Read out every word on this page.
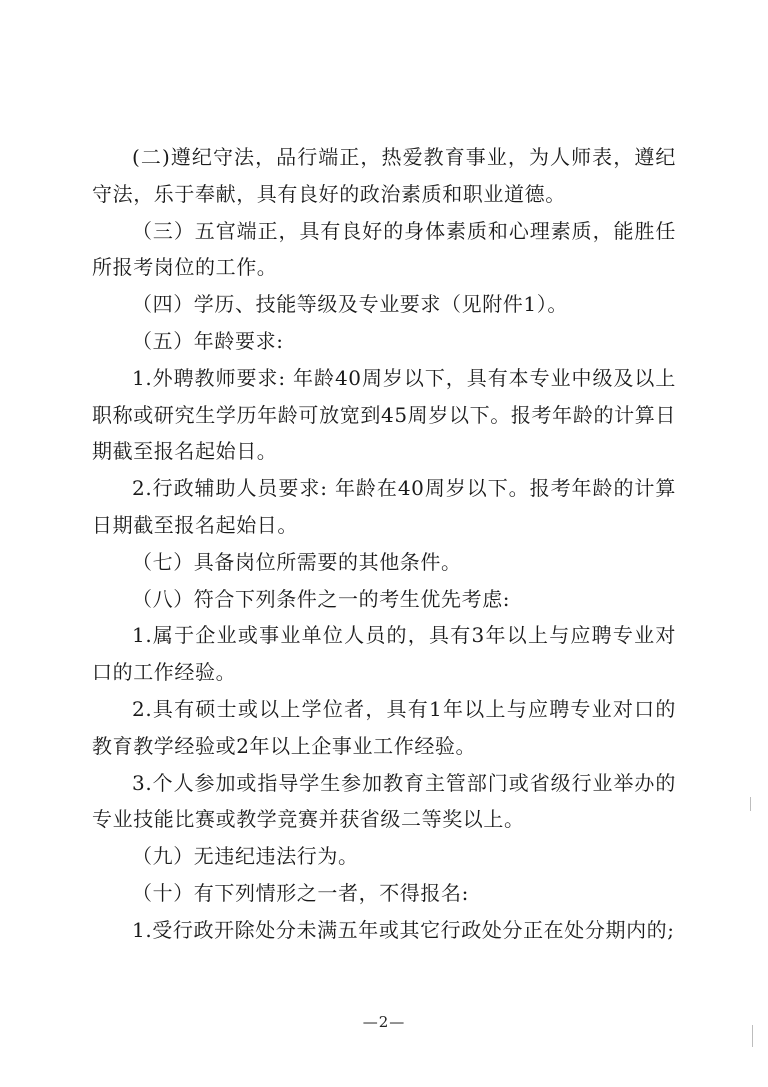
(二)遵纪守法，品行端正，热爱教育事业，为人师表，遵纪守法，乐于奉献，具有良好的政治素质和职业道德。

（三）五官端正，具有良好的身体素质和心理素质，能胜任所报考岗位的工作。

（四）学历、技能等级及专业要求（见附件1）。

（五）年龄要求:

1.外聘教师要求: 年龄40周岁以下，具有本专业中级及以上职称或研究生学历年龄可放宽到45周岁以下。报考年龄的计算日期截至报名起始日。

2.行政辅助人员要求: 年龄在40周岁以下。报考年龄的计算日期截至报名起始日。

（七）具备岗位所需要的其他条件。

（八）符合下列条件之一的考生优先考虑:

1.属于企业或事业单位人员的，具有3年以上与应聘专业对口的工作经验。

2.具有硕士或以上学位者，具有1年以上与应聘专业对口的教育教学经验或2年以上企事业工作经验。

3.个人参加或指导学生参加教育主管部门或省级行业举办的专业技能比赛或教学竞赛并获省级二等奖以上。

（九）无违纪违法行为。

（十）有下列情形之一者，不得报名:

1.受行政开除处分未满五年或其它行政处分正在处分期内的;

—2—
